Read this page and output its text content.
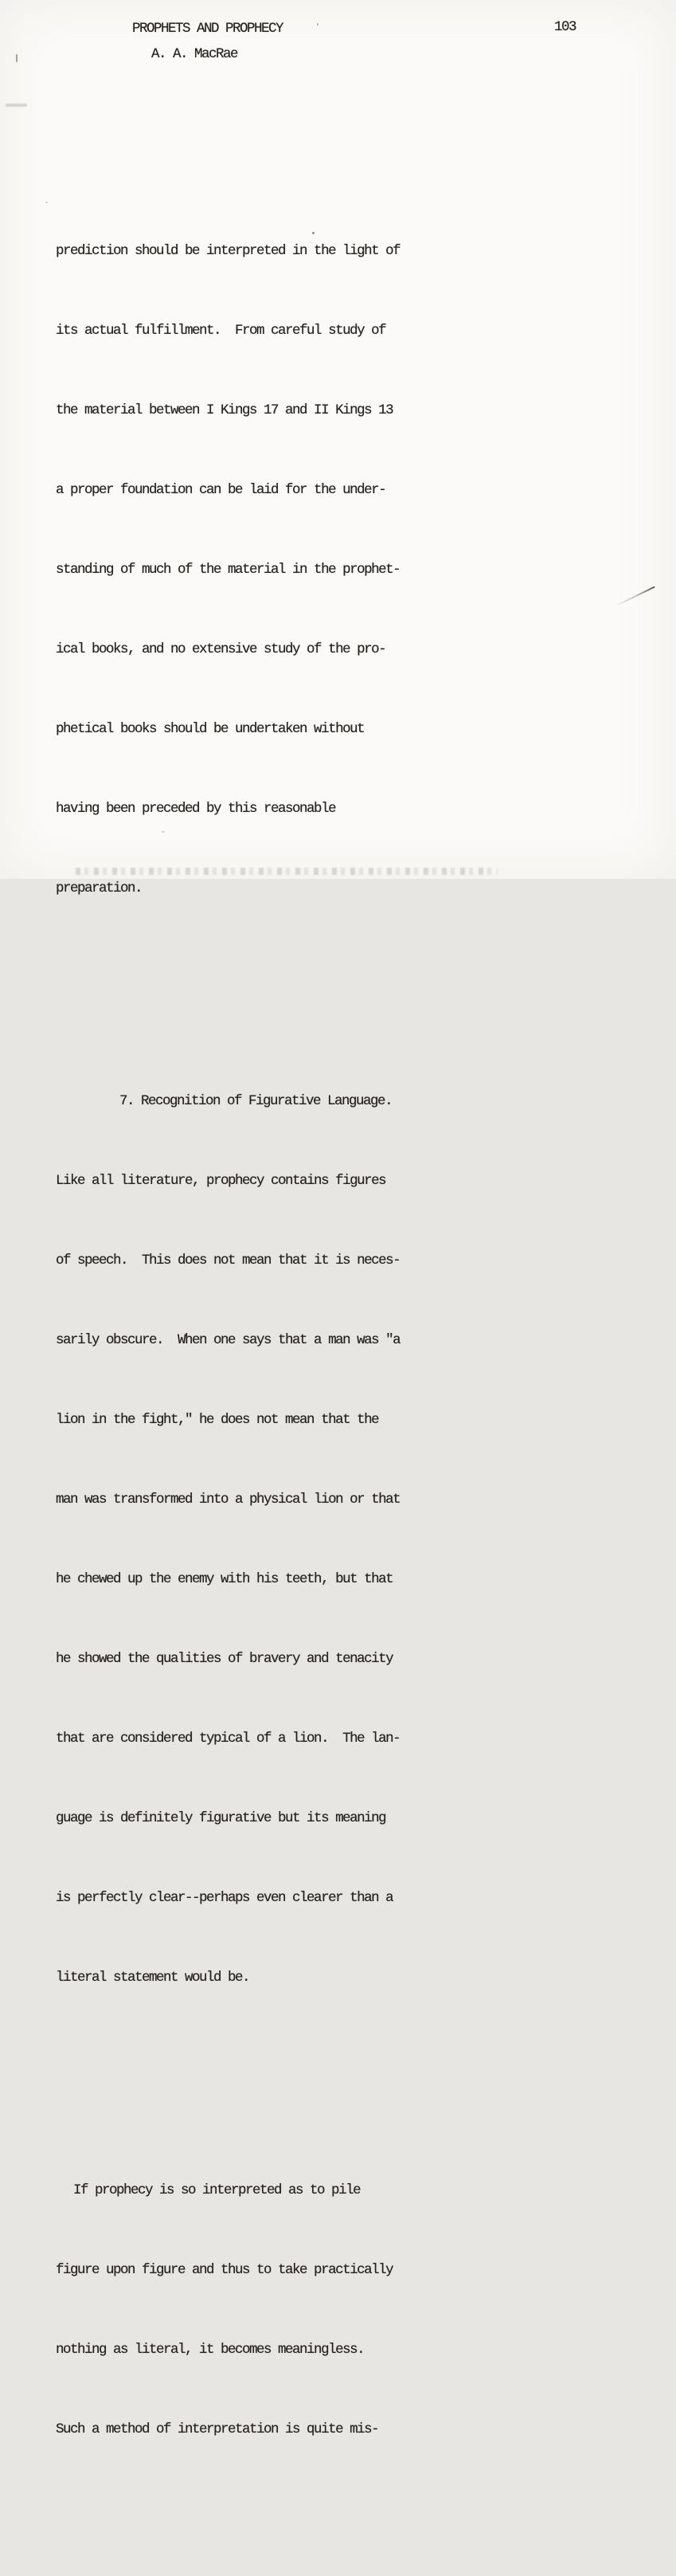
PROPHETS AND PROPHECY	103
A. A. MacRae

prediction should be interpreted in the light of

its actual fulfillment.  From careful study of

the material between I Kings 17 and II Kings 13

a proper foundation can be laid for the under-

standing of much of the material in the prophet-

ical books, and no extensive study of the pro-

phetical books should be undertaken without

having been preceded by this reasonable

preparation.

7. Recognition of Figurative Language.

Like all literature, prophecy contains figures

of speech.  This does not mean that it is neces-

sarily obscure.  When one says that a man was "a

lion in the fight," he does not mean that the

man was transformed into a physical lion or that

he chewed up the enemy with his teeth, but that

he showed the qualities of bravery and tenacity

that are considered typical of a lion.  The lan-

guage is definitely figurative but its meaning

is perfectly clear--perhaps even clearer than a

literal statement would be.

If prophecy is so interpreted as to pile

figure upon figure and thus to take practically

nothing as literal, it becomes meaningless.

Such a method of interpretation is quite mis-
